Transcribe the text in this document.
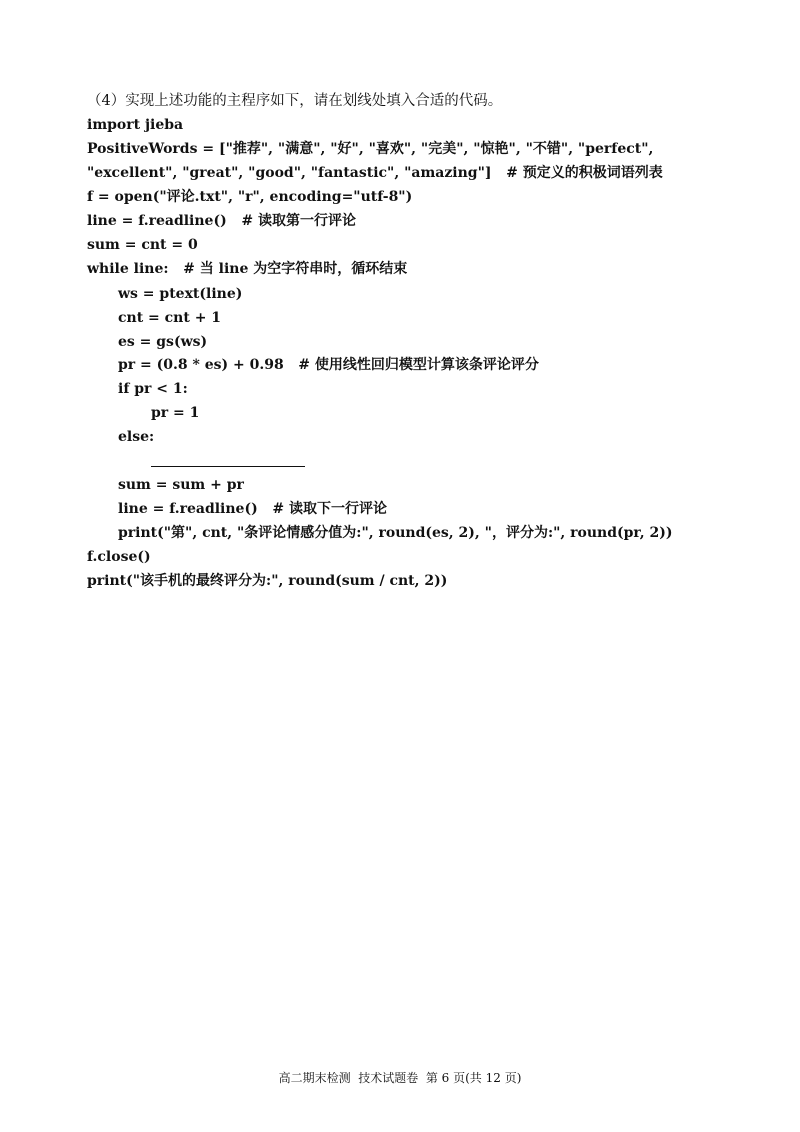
（4）实现上述功能的主程序如下，请在划线处填入合适的代码。
import jieba
PositiveWords = ["推荐", "满意", "好", "喜欢", "完美", "惊艳", "不错", "perfect",
"excellent", "great", "good", "fantastic", "amazing"]   # 预定义的积极词语列表
f = open("评论.txt", "r", encoding="utf-8")
line = f.readline()   # 读取第一行评论
sum = cnt = 0
while line:   # 当 line 为空字符串时，循环结束
ws = ptext(line)
cnt = cnt + 1
es = gs(ws)
pr = (0.8 * es) + 0.98   # 使用线性回归模型计算该条评论评分
if pr < 1:
pr = 1
else:
sum = sum + pr
line = f.readline()   # 读取下一行评论
print("第", cnt, "条评论情感分值为:", round(es, 2), "，评分为:", round(pr, 2))
f.close()
print("该手机的最终评分为:", round(sum / cnt, 2))
高二期末检测  技术试题卷  第 6 页(共 12 页)
